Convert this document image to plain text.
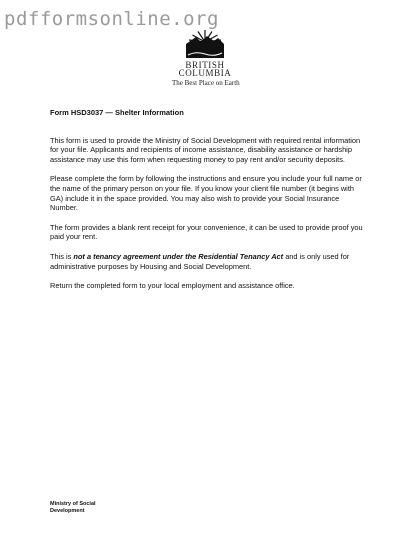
pdfformsonline.org
BRITISH
COLUMBIA
The Best Place on Earth
Form HSD3037 — Shelter Information

This form is used to provide the Ministry of Social Development with required rental information for your file. Applicants and recipients of income assistance, disability assistance or hardship assistance may use this form when requesting money to pay rent and/or security deposits.

Please complete the form by following the instructions and ensure you include your full name or the name of the primary person on your file. If you know your client file number (it begins with GA) include it in the space provided. You may also wish to provide your Social Insurance Number.

The form provides a blank rent receipt for your convenience, it can be used to provide proof you paid your rent.

This is not a tenancy agreement under the Residential Tenancy Act and is only used for administrative purposes by Housing and Social Development.

Return the completed form to your local employment and assistance office.

Ministry of Social
Development
